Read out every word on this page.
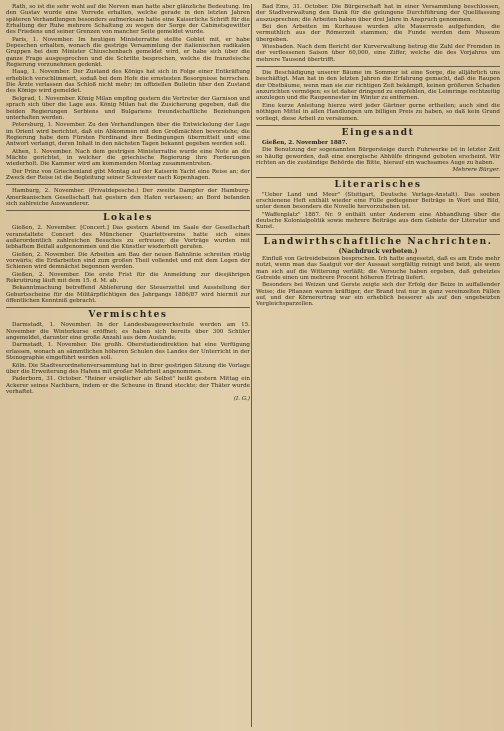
Rath, so ist die sehr wohl auf die Nerven man hatte aber glänzliche Bedeutung. Im den Gustav wurde eine Vorrede erhalten, welche gerade in den letzten Jahren späteren Verhandlungen besonders aufmerksam hatte eine Kaiserliche Schrift für die Erhaltung der Ruhe mehrere Schaltung zu wegen der Sorge der Cabinetsgewitter des Friedens und seiner Grenzen von mancher Seite gemeldet wurde.

Paris, 1. November. Im heutigen Ministerrathe stellte Goblet mit, er habe Depeschen erhalten, wonach die gestrige Versammlung der italienischen radikalen Gruppen bei dem Minister Chiuschenbach gemeldet wird, er habe sich über die ganze Frage ausgesprochen und die Schritte besprochen, welche die französische Regierung vorzunehmen gedenkt.

Haag, 1. November. Der Zustand des Königs hat sich in Folge einer Entkräftung erheblich verschlimmert, sodaß bei dem Hofe die ernstesten Besorgnisse herrschen. Die Ärzte verlassen das Schloß nicht mehr; im offiziellen Bulletin über den Zustand des Königs wird gemeldet.

Belgrad, 1. November. König Milan empfing gestern die Vertreter der Garnison und sprach sich über die Lage aus. König Milan hat die Zusicherung gegeben, daß die beiden Regierungen Serbiens und Bulgariens freundschaftliche Beziehungen unterhalten werden.

Petersburg, 1. November. Zu den Verhandlungen über die Entwickelung der Lage im Orient wird berichtet, daß ein Abkommen mit den Großmächten bevorstehe; die Regierung habe dem Fürsten Ferdinand ihre Bedingungen übermittelt und eine Antwort verlangt, deren Inhalt in den nächsten Tagen bekannt gegeben werden soll.

Athen, 1. November. Nach dem gestrigen Ministerrathe wurde eine Note an die Mächte gerichtet, in welcher die griechische Regierung ihre Forderungen wiederholt. Die Kammer wird am kommenden Montag zusammentreten.

Der Prinz von Griechenland gibt Montag auf der Kaiserin Yacht eine Reise an; der Zweck der Reise ist die Begleitung seiner Schwester nach Kopenhagen.

Hamburg, 2. November. (Privatdepesche.) Der zweite Dampfer der Hamburg-Amerikanischen Gesellschaft hat gestern den Hafen verlassen; an Bord befanden sich zahlreiche Auswanderer.

Lokales

Gießen, 2. November. [Concert.] Das gestern Abend im Saale der Gesellschaft veranstaltete Concert des Münchener Quartettvereins hatte sich eines außerordentlich zahlreichen Besuches zu erfreuen; die Vorträge wurden mit lebhaftem Beifall aufgenommen und die Künstler wiederholt gerufen.

Gießen, 2. November. Die Arbeiten am Bau der neuen Bahnlinie schreiten rüstig vorwärts; die Erdarbeiten sind zum großen Theil vollendet und mit dem Legen der Schienen wird demnächst begonnen werden.

Gießen, 2. November. Die erste Frist für die Anmeldung zur diesjährigen Rekrutirung läuft mit dem 15. d. M. ab.

Bekanntmachung betreffend Ablieferung der Steuerzettel und Ausstellung der Geburtsscheine für die Militärpflichtigen des Jahrgangs 1886/87 wird hiermit zur öffentlichen Kenntniß gebracht.

Vermischtes

Darmstadt, 1. November. In der Landesbaugewerkschule werden am 15. November die Winterkurse eröffnet; es haben sich bereits über 300 Schüler angemeldet, darunter eine große Anzahl aus dem Auslande.

Darmstadt, 1. November. Die großh. Oberstudiendirektion hat eine Verfügung erlassen, wonach an sämmtlichen höheren Schulen des Landes der Unterricht in der Stenographie eingeführt werden soll.

Köln. Die Stadtverordnetenversammlung hat in ihrer gestrigen Sitzung die Vorlage über die Erweiterung des Hafens mit großer Mehrheit angenommen.

Paderborn, 31. October. "Reiner ersäglicher als Selbst" heißt gestern Mittag ein Ackerer seines Nachbarn, indem er die Scheune in Brand steckte; der Thäter wurde verhaftet.

(I. G.)

Bad Ems, 31. October. Die Bürgerschaft hat in einer Versammlung beschlossen, der Stadtverwaltung den Dank für die gelungene Durchführung der Quellfassung auszusprechen; die Arbeiten haben über drei Jahre in Anspruch genommen.

Bei den Arbeiten im Kurhause wurden alte Mauerreste aufgefunden, die vermuthlich aus der Römerzeit stammen; die Funde werden dem Museum übergeben.

Wiesbaden. Nach dem Bericht der Kurverwaltung betrug die Zahl der Fremden in der verflossenen Saison über 60,000, eine Ziffer, welche die des Vorjahres um mehrere Tausend übertrifft.

Die Beschädigung unserer Bäume im Sommer ist eine Sorge, die alljährlich uns beschäftigt. Man hat in den letzten Jahren die Erfahrung gemacht, daß die Raupen der Obstbäume, wenn man sie zur richtigen Zeit bekämpft, keinen größeren Schaden anzurichten vermögen; es ist daher dringend zu empfehlen, die Leimringe rechtzeitig anzulegen und die Raupennester im Winter zu entfernen.

Eine kurze Anleitung hierzu wird jeder Gärtner gerne ertheilen; auch sind die nöthigen Mittel in allen Handlungen um billigen Preis zu haben, so daß kein Grund vorliegt, diese Arbeit zu versäumen.

Eingesandt

Gießen, 2. November 1887.

Die Benutzung der sogenannten Bürgersteige durch Fuhrwerke ist in letzter Zeit so häufig geworden, daß eine energische Abhülfe dringend geboten erscheint. Wir richten an die zuständige Behörde die Bitte, hierauf ein wachsames Auge zu haben.

Mehrere Bürger.
Literarisches

"Ueber Land und Meer" (Stuttgart, Deutsche Verlags-Anstalt). Das soeben erschienene Heft enthält wieder eine Fülle gediegener Beiträge in Wort und Bild, unter denen besonders die Novelle hervorzuheben ist.

"Waffenplatz" 1887. Nr. 9 enthält unter Anderem eine Abhandlung über die deutsche Kolonialpolitik sowie mehrere Beiträge aus dem Gebiete der Literatur und Kunst.

Landwirthschaftliche Nachrichten.
(Nachdruck verboten.)

Einfluß von Getreidebeizen besprochen. Ich hatte angesetzt, daß es am Ende mehr nutzt, wenn man das Saatgut vor der Aussaat sorgfältig reinigt und beizt, als wenn man sich auf die Witterung verläßt; die Versuche haben ergeben, daß gebeiztes Getreide einen um mehrere Procent höheren Ertrag liefert.

Besonders bei Weizen und Gerste zeigte sich der Erfolg der Beize in auffallender Weise; die Pflanzen waren kräftiger, der Brand trat nur in ganz vereinzelten Fällen auf, und der Körnerertrag war ein erheblich besserer als auf den ungebeizten Vergleichsparzellen.
